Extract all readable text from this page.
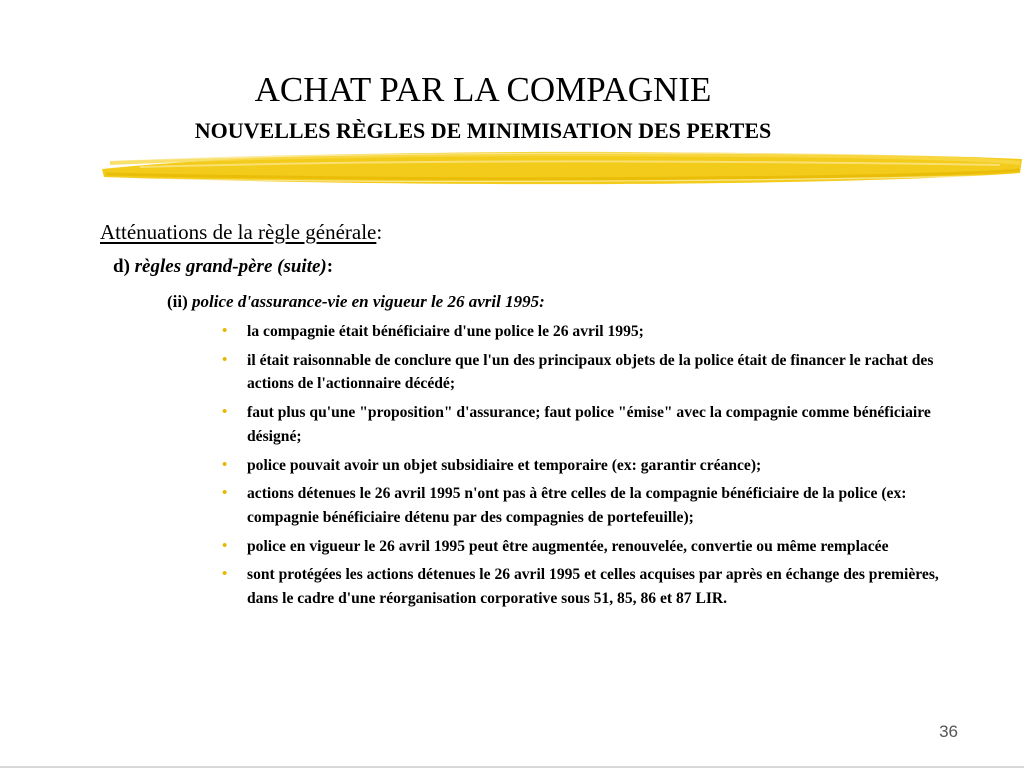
ACHAT PAR LA COMPAGNIE
NOUVELLES RÈGLES DE MINIMISATION DES PERTES
Atténuations de la règle générale:
d) règles grand-père (suite):
(ii) police d'assurance-vie en vigueur le 26 avril 1995:
• la compagnie était bénéficiaire d'une police le 26 avril 1995;
• il était raisonnable de conclure que l'un des principaux objets de la police était de financer le rachat des actions de l'actionnaire décédé;
• faut plus qu'une "proposition" d'assurance; faut police "émise" avec la compagnie comme bénéficiaire désigné;
• police pouvait avoir un objet subsidiaire et temporaire (ex: garantir créance);
• actions détenues le 26 avril 1995 n'ont pas à être celles de la compagnie bénéficiaire de la police (ex: compagnie bénéficiaire détenu par des compagnies de portefeuille);
• police en vigueur le 26 avril 1995 peut être augmentée, renouvelée, convertie ou même remplacée
• sont protégées les actions détenues le 26 avril 1995 et celles acquises par après en échange des premières, dans le cadre d'une réorganisation corporative sous 51, 85, 86 et 87 LIR.
36
